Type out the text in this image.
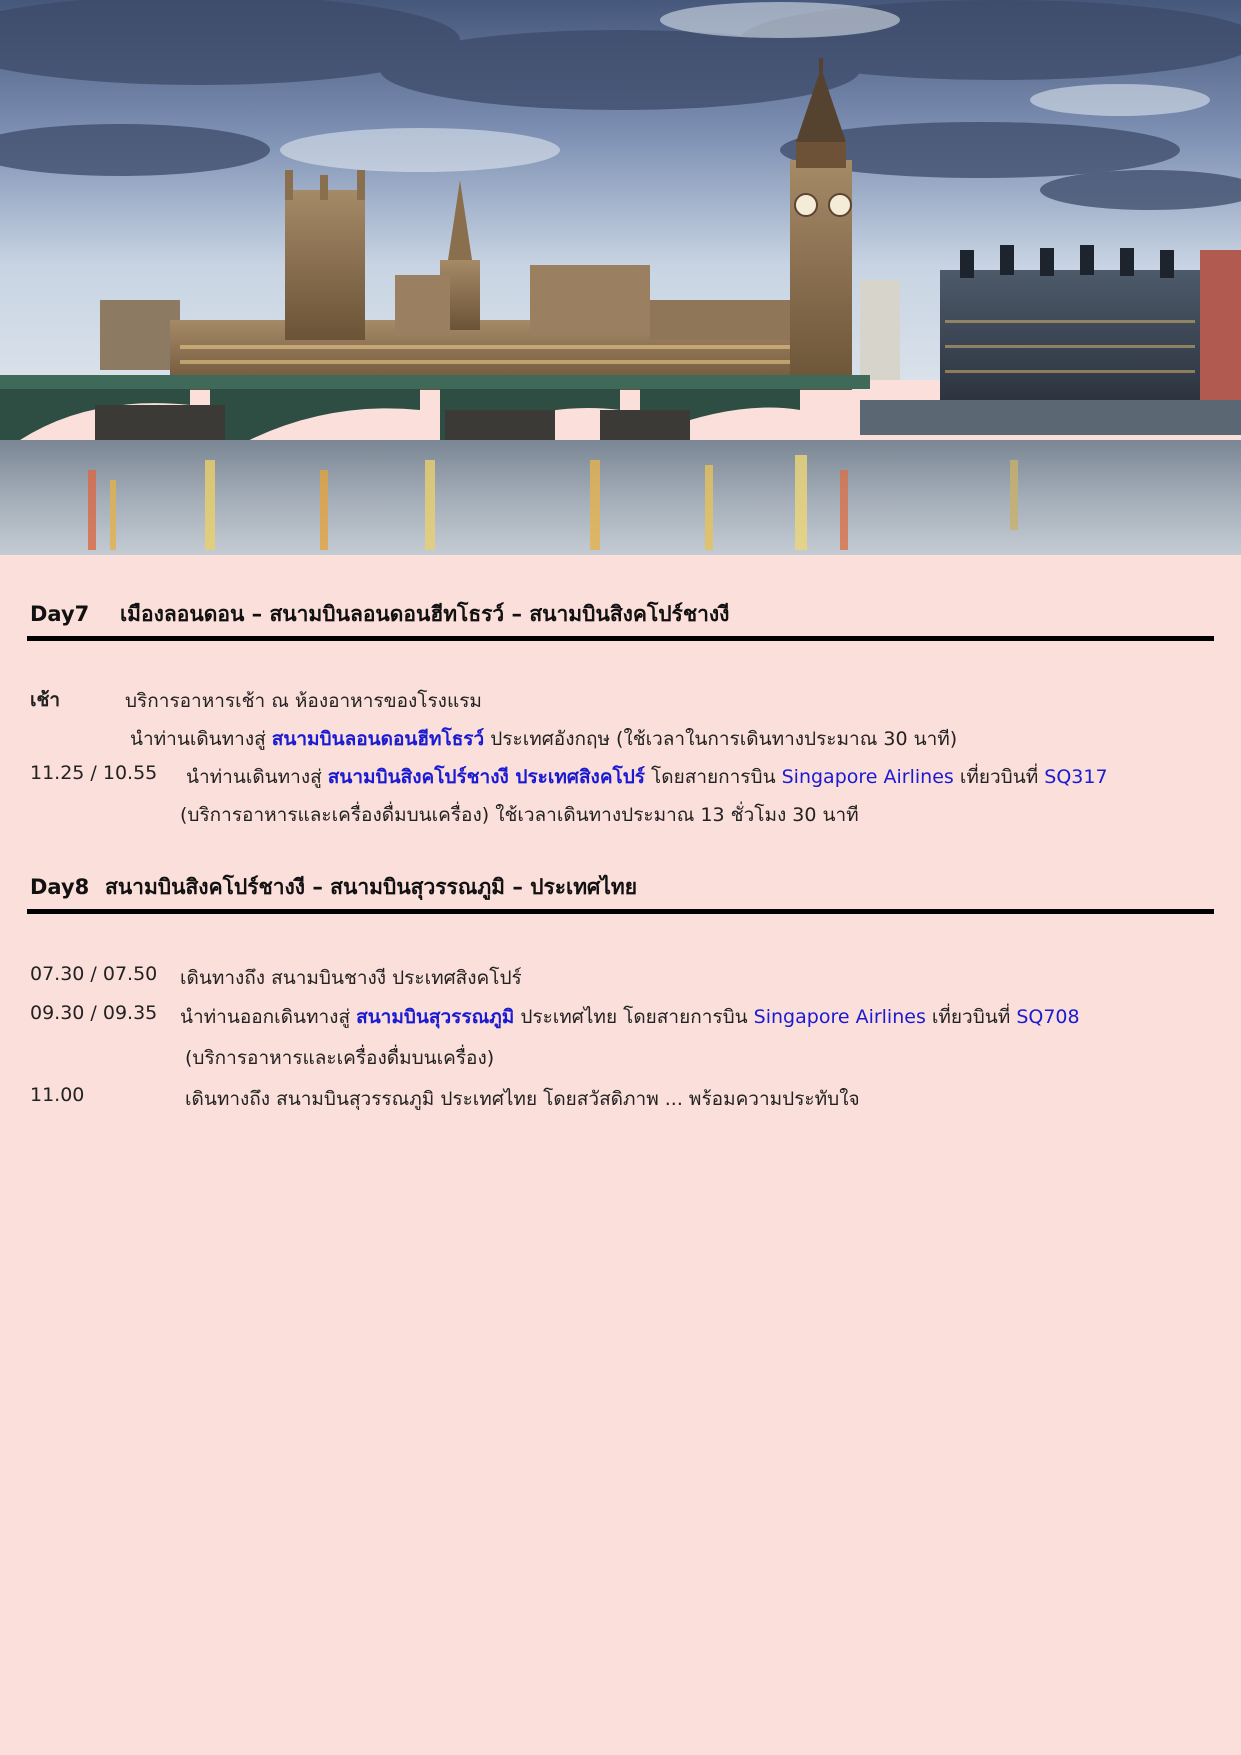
Day7 เมืองลอนดอน – สนามบินลอนดอนฮีทโธรว์ – สนามบินสิงคโปร์ชางงี
เช้า	บริการอาหารเช้า ณ ห้องอาหารของโรงแรม
นำท่านเดินทางสู่ สนามบินลอนดอนฮีทโธรว์ ประเทศอังกฤษ (ใช้เวลาในการเดินทางประมาณ 30 นาที)
11.25 / 10.55 นำท่านเดินทางสู่ สนามบินสิงคโปร์ชางงี ประเทศสิงคโปร์ โดยสายการบิน Singapore Airlines เที่ยวบินที่ SQ317
(บริการอาหารและเครื่องดื่มบนเครื่อง) ใช้เวลาเดินทางประมาณ 13 ชั่วโมง 30 นาที
Day8 สนามบินสิงคโปร์ชางงี – สนามบินสุวรรณภูมิ – ประเทศไทย
07.30 / 07.50 เดินทางถึง สนามบินชางงี ประเทศสิงคโปร์
09.30 / 09.35 นำท่านออกเดินทางสู่ สนามบินสุวรรณภูมิ ประเทศไทย โดยสายการบิน Singapore Airlines เที่ยวบินที่ SQ708
(บริการอาหารและเครื่องดื่มบนเครื่อง)
11.00	เดินทางถึง สนามบินสุวรรณภูมิ ประเทศไทย โดยสวัสดิภาพ ... พร้อมความประทับใจ
